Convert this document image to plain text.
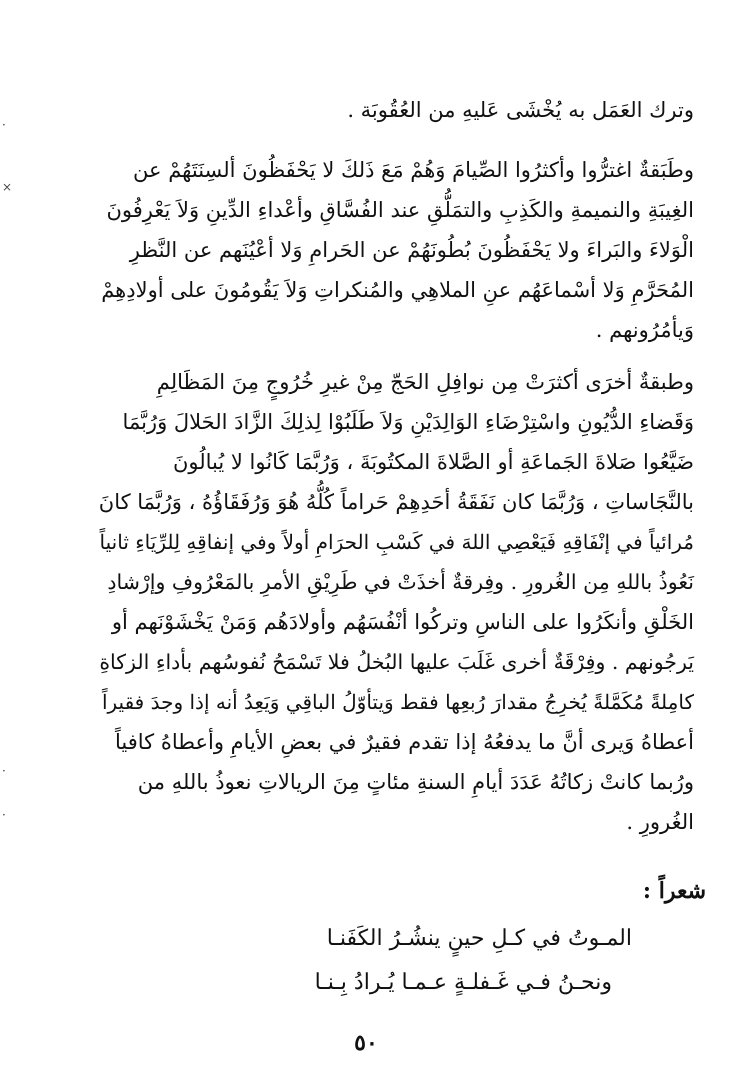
·
×
·
·
وترك العَمَل به يُخْشَى عَليهِ من العُقُوبَة .
وطَبَقةٌ اغترُّوا وأكثرُوا الصِّيامَ وَهُمْ مَعَ ذَلكَ لا يَحْفَظُونَ ألسِنَتَهُمْ عن
الغِيبَةِ والنميمةِ والكَذِبِ والتمَلُّقِ عند الفُسَّاقِ وأعْداءِ الدِّينِ وَلاَ يَعْرِفُونَ
الْوَلاءَ والبَراءَ ولا يَحْفَظُونَ بُطُونَهُمْ عن الحَرامِ وَلا أعْيُنَهم عن النَّظرِ
المُحَرَّمِ وَلا أسْماعَهُم عنِ الملاهِي والمُنكراتِ وَلاَ يَقُومُونَ على أولادِهِمْ
وَيأمُرُونهم .
وطبقةٌ أخرَى أكثرَتْ مِن نوافِلِ الحَجّ مِنْ غيرِ خُرُوجٍ مِنَ المَظَالِمِ
وَقَضاءِ الدُّيُونِ واسْتِرْضَاءِ الوَالِدَيْنِ وَلاَ طَلَبُوْا لِذلِكَ الزَّادَ الحَلالَ وَرُبَّمَا
ضَيَّعُوا صَلاةَ الجَماعَةِ أو الصَّلاةَ المكتُوبَةَ ، وَرُبَّمَا كَانُوا لا يُبالُونَ
بالنَّجَاساتِ ، وَرُبَّمَا كان نَفَقَةُ أحَدِهِمْ حَراماً كُلُّهُ هُوَ وَرُفَقَاؤُهُ ، وَرُبَّمَا كانَ
مُرائياً في إنْفَاقِهِ فَيَعْصِي اللهَ في كَسْبِ الحرَامِ أولاً وفي إنفاقِهِ لِلرِّيَاءِ ثانياً
نَعُوذُ باللهِ مِن الغُرورِ . وفِرقةٌ أخذَتْ في طَرِيْقِ الأمرِ بالمَعْرُوفِ وإرْشادِ
الخَلْقِ وأنكَرُوا على الناسِ وتركُوا أنْفُسَهُم وأولادَهُم وَمَنْ يَخْشَوْنَهم أو
يَرجُونهم . وفِرْقَةٌ أخرى غَلَبَ عليها البُخلُ فلا تَسْمَحُ نُفوسُهم بأداءِ الزكاةِ
كامِلةً مُكَمَّلةً يُخرِجُ مقدارَ رُبعِها فقط وَيتأوّلُ الباقِي وَيَعِدُ أنه إذا وجدَ فقيراً
أعطاهُ وَيرى أنَّ ما يدفعُهُ إذا تقدم فقيرٌ في بعضِ الأيامِ وأعطاهُ كافياً
ورُبما كانتْ زكاتُهُ عَدَدَ أيامِ السنةِ مئاتٍ مِنَ الريالاتِ نعوذُ باللهِ من
الغُرورِ .
شعراً :
المـوتُ في كـلِ حينٍ ينشُـرُ الكَفَنـا
ونحـنُ فـي غَـفلـةٍ عـمـا يُـرادُ بِـنـا
٥٠
